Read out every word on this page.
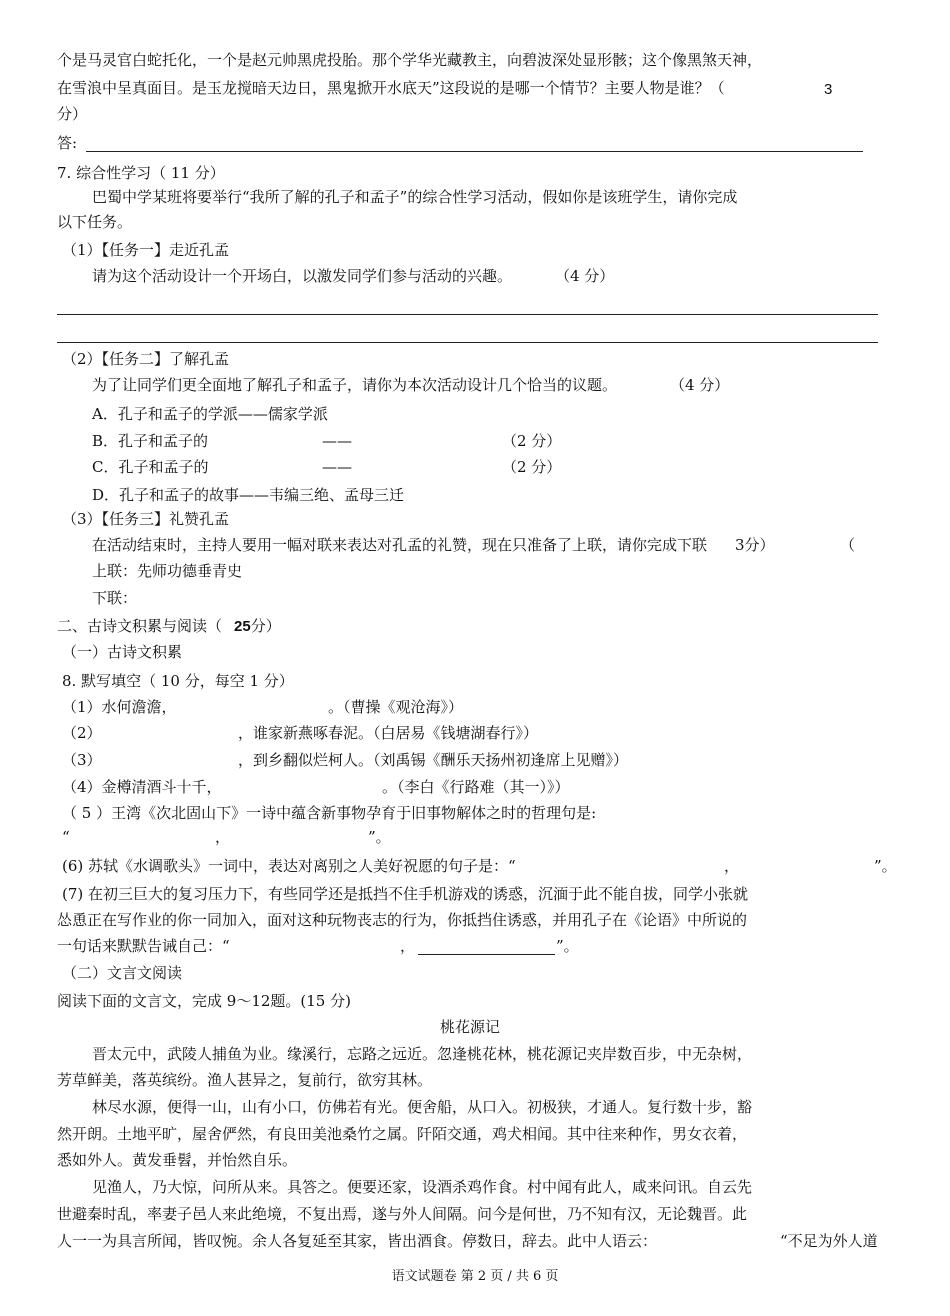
个是马灵官白蛇托化，一个是赵元帅黑虎投胎。那个学华光藏教主，向碧波深处显形骸；这个像黑煞天神，
在雪浪中呈真面目。是玉龙搅暗天边日，黑鬼掀开水底天”这段说的是哪一个情节？主要人物是谁？（	3
分）
答:
7. 综合性学习（ 11 分）
巴蜀中学某班将要举行“我所了解的孔子和孟子”的综合性学习活动，假如你是该班学生，请你完成
以下任务。
（1）【任务一】走近孔孟
请为这个活动设计一个开场白，以激发同学们参与活动的兴趣。	（4 分）
（2）【任务二】了解孔孟
为了让同学们更全面地了解孔子和孟子，请你为本次活动设计几个恰当的议题。	（4 分）
A．孔子和孟子的学派——儒家学派
B．孔子和孟子的	——	（2 分）
C．孔子和孟子的	——	（2 分）
D．孔子和孟子的故事——韦编三绝、孟母三迁
（3）【任务三】礼赞孔孟
在活动结束时，主持人要用一幅对联来表达对孔孟的礼赞，现在只准备了上联，请你完成下联 3分）	（
上联：先师功德垂青史
下联：
二、古诗文积累与阅读（ 25分）
（一）古诗文积累
8. 默写填空（ 10 分，每空 1 分）
（1）水何澹澹，	。（曹操《观沧海》）
（2）	，谁家新燕啄春泥。（白居易《钱塘湖春行》）
（3）	，到乡翻似烂柯人。（刘禹锡《酬乐天扬州初逢席上见赠》）
（4）金樽清酒斗十千，	。（李白《行路难（其一）》）
（ 5 ）王湾《次北固山下》一诗中蕴含新事物孕育于旧事物解体之时的哲理句是:
“	，	”。
(6) 苏轼《水调歌头》一词中，表达对离别之人美好祝愿的句子是：“	，	”。
(7) 在初三巨大的复习压力下，有些同学还是抵挡不住手机游戏的诱惑，沉湎于此不能自拔，同学小张就
怂恿正在写作业的你一同加入，面对这种玩物丧志的行为，你抵挡住诱惑，并用孔子在《论语》中所说的
一句话来默默告诫自己：“	，	”。
（二）文言文阅读
阅读下面的文言文，完成 9～12题。(15 分)
桃花源记
晋太元中，武陵人捕鱼为业。缘溪行，忘路之远近。忽逢桃花林，桃花源记夹岸数百步，中无杂树，
芳草鲜美，落英缤纷。渔人甚异之，复前行，欲穷其林。
林尽水源，便得一山，山有小口，仿佛若有光。便舍船，从口入。初极狭，才通人。复行数十步，豁
然开朗。土地平旷，屋舍俨然，有良田美池桑竹之属。阡陌交通，鸡犬相闻。其中往来种作，男女衣着，
悉如外人。黄发垂髫，并怡然自乐。
见渔人，乃大惊，问所从来。具答之。便要还家，设酒杀鸡作食。村中闻有此人，咸来问讯。自云先
世避秦时乱，率妻子邑人来此绝境，不复出焉，遂与外人间隔。问今是何世，乃不知有汉，无论魏晋。此
人一一为具言所闻，皆叹惋。余人各复延至其家，皆出酒食。停数日，辞去。此中人语云：	“不足为外人道
语文试题卷 第 2 页 / 共 6 页
